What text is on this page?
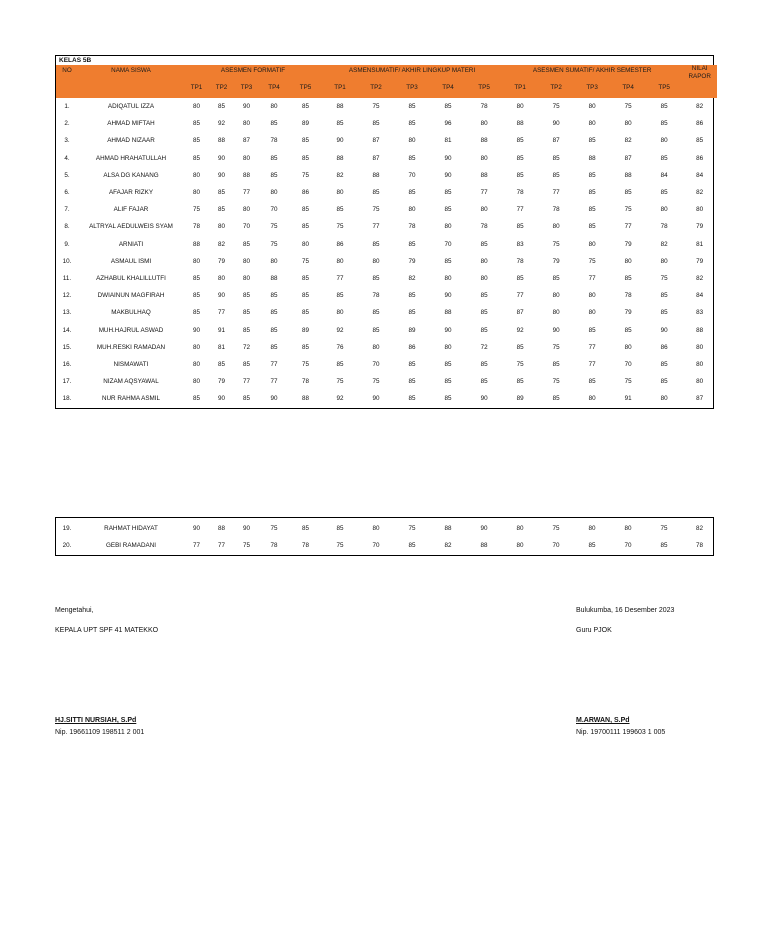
KELAS 5B
NO	NAMA SISWA	ASESMEN FORMATIF					ASMENSUMATIF/ AKHIR LINGKUP MATERI					ASESMEN SUMATIF/ AKHIR SEMESTER					NILAI
RAPOR
		TP1	TP2	TP3	TP4	TP5	TP1	TP2	TP3	TP4	TP5	TP1	TP2	TP3	TP4	TP5	
1.	ADIQATUL IZZA	80	85	90	80	85	88	75	85	85	78	80	75	80	75	85	82
2.	AHMAD MIFTAH	85	92	80	85	89	85	85	85	96	80	88	90	80	80	85	86
3.	AHMAD NIZAAR	85	88	87	78	85	90	87	80	81	88	85	87	85	82	80	85
4.	AHMAD HRAHATULLAH	85	90	80	85	85	88	87	85	90	80	85	85	88	87	85	86
5.	ALSA DG KANANG	80	90	88	85	75	82	88	70	90	88	85	85	85	88	84	84
6.	AFAJAR RIZKY	80	85	77	80	86	80	85	85	85	77	78	77	85	85	85	82
7.	ALIF FAJAR	75	85	80	70	85	85	75	80	85	80	77	78	85	75	80	80
8.	ALTRYAL AEDULWEIS SYAM	78	80	70	75	85	75	77	78	80	78	85	80	85	77	78	79
9.	ARNIATI	88	82	85	75	80	86	85	85	70	85	83	75	80	79	82	81
10.	ASMAUL ISMI	80	79	80	80	75	80	80	79	85	80	78	79	75	80	80	79
11.	AZHABUL KHALILLUTFI	85	80	80	88	85	77	85	82	80	80	85	85	77	85	75	82
12.	DWIAINUN MAGFIRAH	85	90	85	85	85	85	78	85	90	85	77	80	80	78	85	84
13.	MAKBULHAQ	85	77	85	85	85	80	85	85	88	85	87	80	80	79	85	83
14.	MUH.HAJRUL ASWAD	90	91	85	85	89	92	85	89	90	85	92	90	85	85	90	88
15.	MUH.RESKI RAMADAN	80	81	72	85	85	76	80	86	80	72	85	75	77	80	86	80
16.	NISMAWATI	80	85	85	77	75	85	70	85	85	85	75	85	77	70	85	80
17.	NIZAM AQSYAWAL	80	79	77	77	78	75	75	85	85	85	85	75	85	75	85	80
18.	NUR RAHMA ASMIL	85	90	85	90	88	92	90	85	85	90	89	85	80	91	80	87
19.	RAHMAT HIDAYAT	90	88	90	75	85	85	80	75	88	90	80	75	80	80	75	82
20.	GEBI RAMADANI	77	77	75	78	78	75	70	85	82	88	80	70	85	70	85	78
Mengetahui,
KEPALA UPT SPF 41 MATEKKO
HJ.SITTI NURSIAH, S.Pd
Nip. 19661109 198511 2 001
Bulukumba, 16 Desember 2023
Guru PJOK
M.ARWAN, S.Pd
Nip. 19700111 199603 1 005
